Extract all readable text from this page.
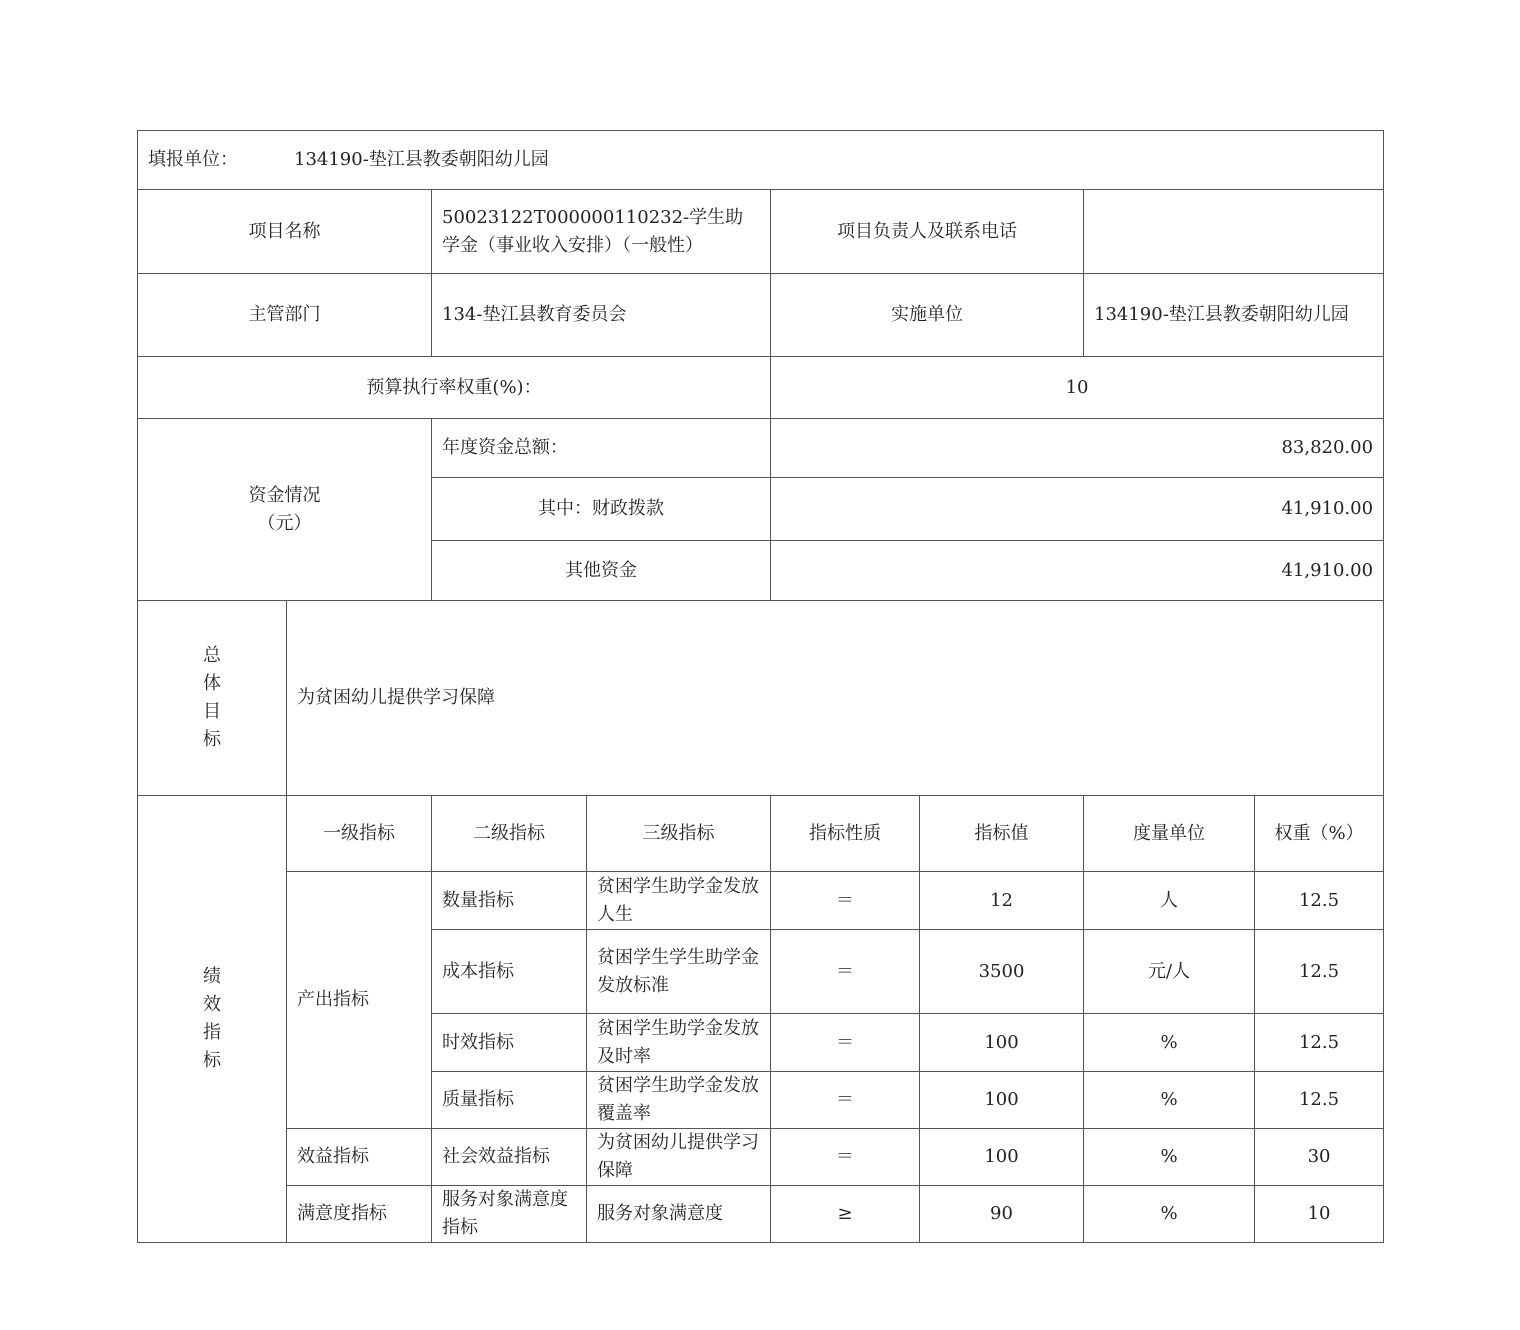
填报单位： 134190-垫江县教委朝阳幼儿园							
项目名称		50023122T000000110232-学生助学金（事业收入安排）（一般性）		项目负责人及联系电话			
主管部门		134-垫江县教育委员会		实施单位		134190-垫江县教委朝阳幼儿园	
预算执行率权重(%)：				10			

资金情况
（元）		年度资金总额：		83,820.00			
		其中：财政拨款		41,910.00			
		其他资金		41,910.00			

总
体
目
标	为贫困幼儿提供学习保障						

绩
效
指
标	一级指标	二级指标	三级指标	指标性质	指标值	度量单位	权重（%）
	产出指标	数量指标	贫困学生助学金发放人生	＝	12	人	12.5
		成本指标	贫困学生学生助学金发放标准	＝	3500	元/人	12.5
		时效指标	贫困学生助学金发放及时率	＝	100	%	12.5
		质量指标	贫困学生助学金发放覆盖率	＝	100	%	12.5
	效益指标	社会效益指标	为贫困幼儿提供学习保障	＝	100	%	30
	满意度指标	服务对象满意度指标	服务对象满意度	≥	90	%	10
